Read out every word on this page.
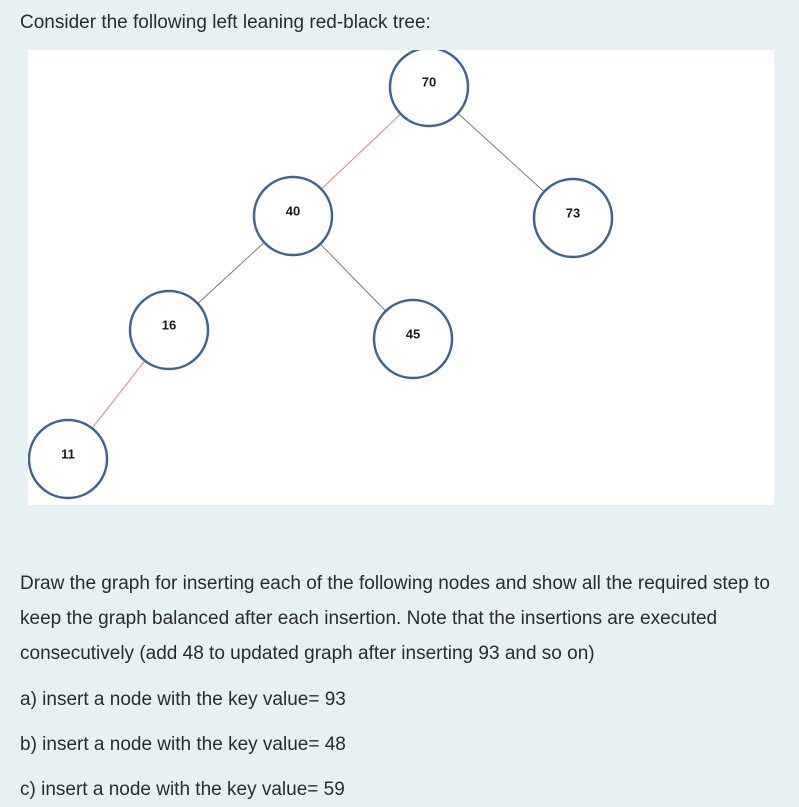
Consider the following left leaning red-black tree:

70
40	73
16
45
11

Draw the graph for inserting each of the following nodes and show all the required step to keep the graph balanced after each insertion. Note that the insertions are executed consecutively (add 48 to updated graph after inserting 93 and so on)

a) insert a node with the key value= 93

b) insert a node with the key value= 48

c) insert a node with the key value= 59
